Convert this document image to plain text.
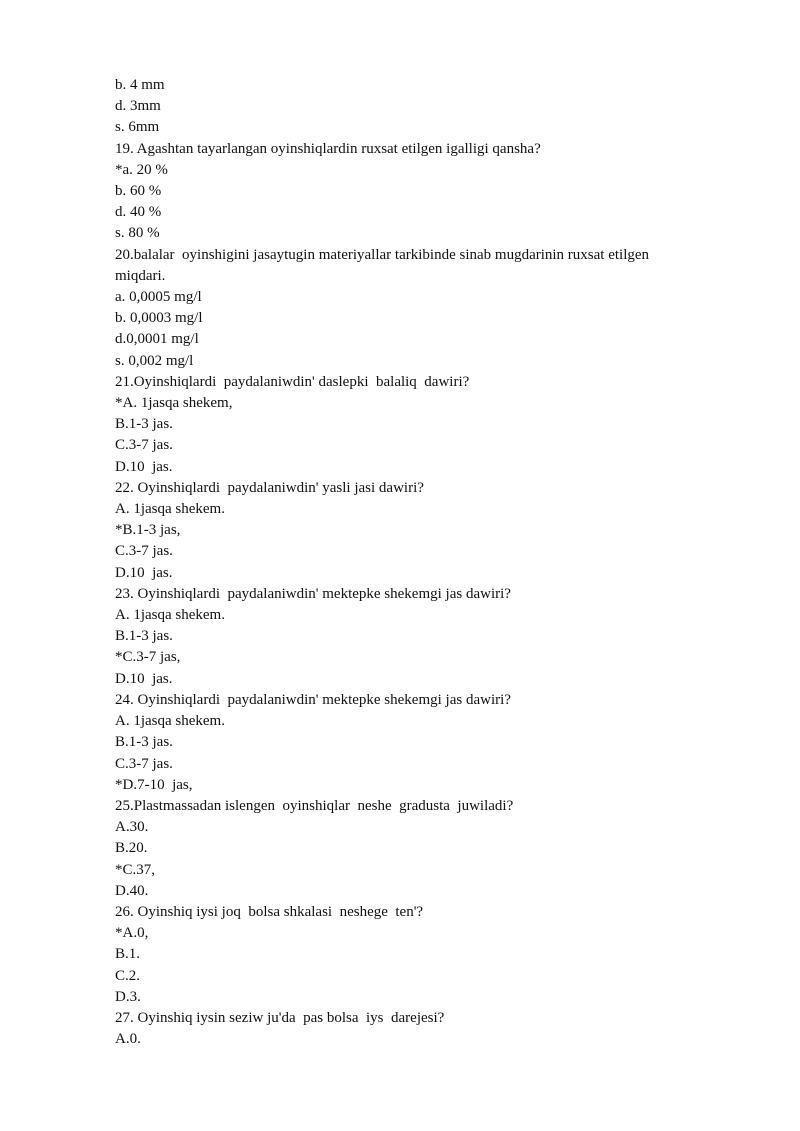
b. 4 mm
d. 3mm
s. 6mm
19. Agashtan tayarlangan oyinshiqlardin ruxsat etilgen igalligi qansha?
*a. 20 %
b. 60 %
d. 40 %
s. 80 %
20.balalar  oyinshigini jasaytugin materiyallar tarkibinde sinab mugdarinin ruxsat etilgen
miqdari.
a. 0,0005 mg/l
b. 0,0003 mg/l
d.0,0001 mg/l
s. 0,002 mg/l
21.Oyinshiqlardi  paydalaniwdin' daslepki  balaliq  dawiri?
*A. 1jasqa shekem,
B.1-3 jas.
C.3-7 jas.
D.10  jas.
22. Oyinshiqlardi  paydalaniwdin' yasli jasi dawiri?
A. 1jasqa shekem.
*B.1-3 jas,
C.3-7 jas.
D.10  jas.
23. Oyinshiqlardi  paydalaniwdin' mektepke shekemgi jas dawiri?
A. 1jasqa shekem.
B.1-3 jas.
*C.3-7 jas,
D.10  jas.
24. Oyinshiqlardi  paydalaniwdin' mektepke shekemgi jas dawiri?
A. 1jasqa shekem.
B.1-3 jas.
C.3-7 jas.
*D.7-10  jas,
25.Plastmassadan islengen  oyinshiqlar  neshe  gradusta  juwiladi?
A.30.
B.20.
*C.37,
D.40.
26. Oyinshiq iysi joq  bolsa shkalasi  neshege  ten'?
*A.0,
B.1.
C.2.
D.3.
27. Oyinshiq iysin seziw ju'da  pas bolsa  iys  darejesi?
A.0.
